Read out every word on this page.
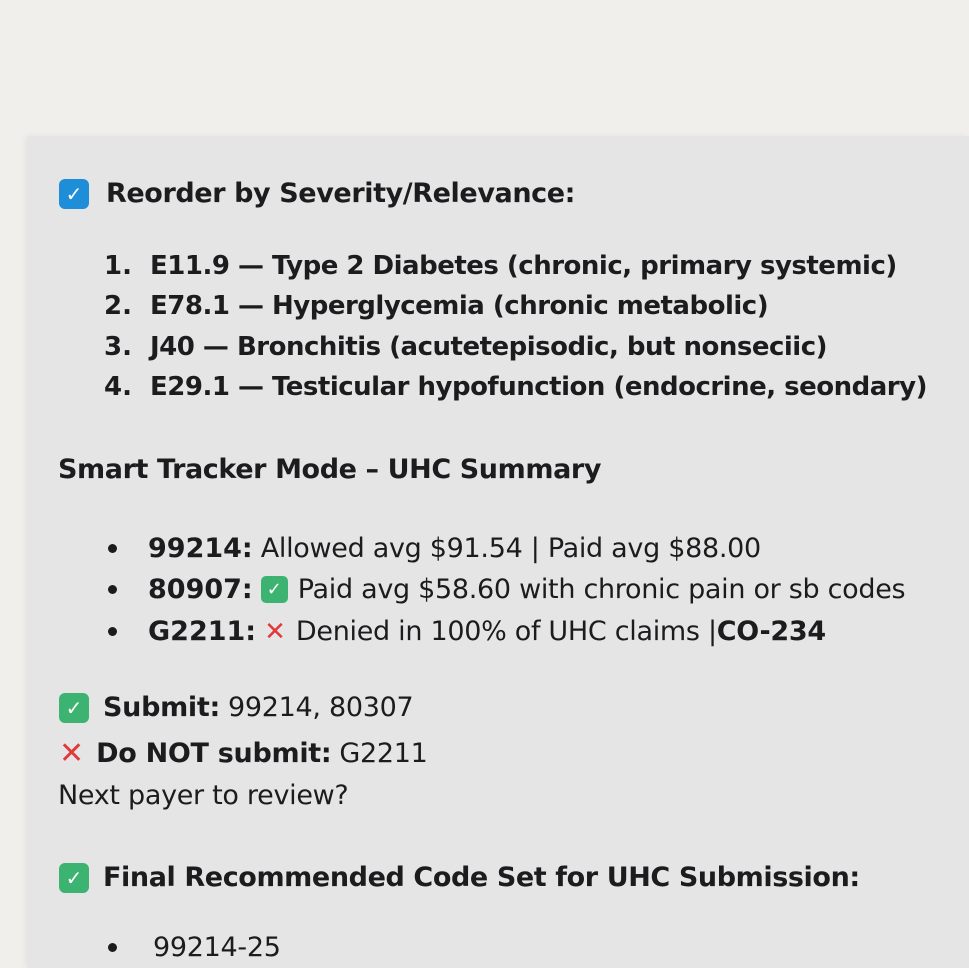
✓ Reorder by Severity/Relevance:
1. E11.9 — Type 2 Diabetes (chronic, primary systemic)
2. E78.1 — Hyperglycemia (chronic metabolic)
3. J40 — Bronchitis (acutetepisodic, but nonseciic)
4. E29.1 — Testicular hypofunction (endocrine, seondary)
Smart Tracker Mode – UHC Summary
99214: Allowed avg $91.54 | Paid avg $88.00
80907: ✓ Paid avg $58.60 with chronic pain or sb codes
G2211: ✕ Denied in 100% of UHC claims | CO-234
✓ Submit: 99214, 80307
✕ Do NOT submit: G2211
Next payer to review?
✓ Final Recommended Code Set for UHC Submission:
99214-25
